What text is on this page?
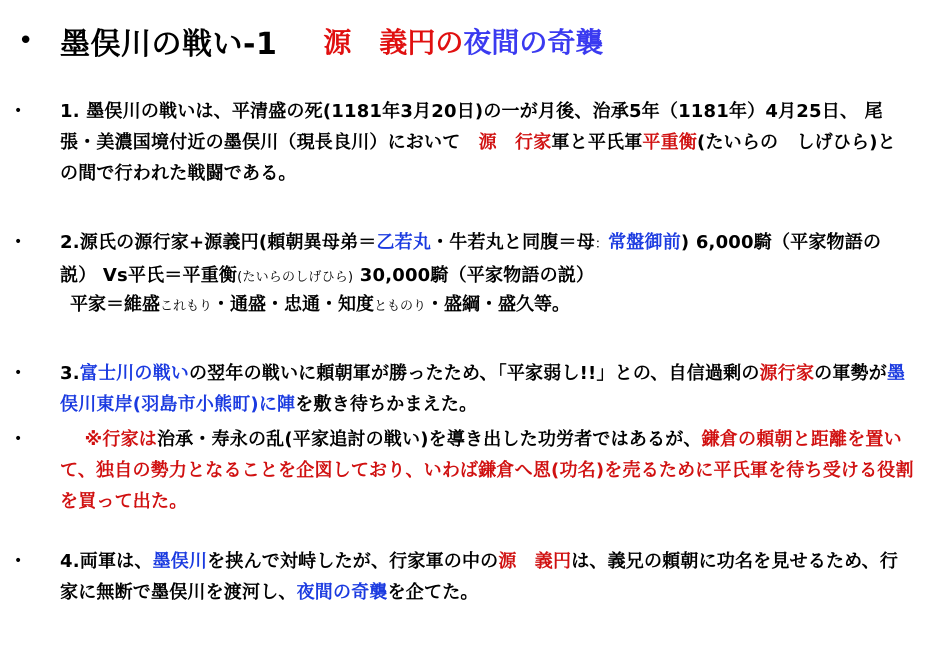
• 墨俣川の戦い-1 源　義円の夜間の奇襲
• 1. 墨俣川の戦いは、平清盛の死(1181年3月20日)の一が月後、治承5年（1181年）4月25日、 尾張・美濃国境付近の墨俣川（現長良川）において　源　行家軍と平氏軍平重衡(たいらの　しげひら)との間で行われた戦闘である。
• 2.源氏の源行家+源義円(頼朝異母弟＝乙若丸・牛若丸と同腹＝母：常盤御前) 6,000騎（平家物語の説） Vs平氏＝平重衡(たいらのしげひら) 30,000騎（平家物語の説）
平家＝維盛これもり・通盛・忠通・知度とものり・盛綱・盛久等。
• 3.富士川の戦いの翌年の戦いに頼朝軍が勝ったため、「平家弱し!!」との、自信過剰の源行家の軍勢が墨俣川東岸(羽島市小熊町)に陣を敷き待ちかまえた。
• 　 ※行家は治承・寿永の乱(平家追討の戦い)を導き出した功労者ではあるが、鎌倉の頼朝と距離を置いて、独自の勢力となることを企図しており、いわば鎌倉へ恩(功名)を売るために平氏軍を待ち受ける役割を買って出た。
• 4.両軍は、墨俣川を挟んで対峙したが、行家軍の中の源　義円は、義兄の頼朝に功名を見せるため、行家に無断で墨俣川を渡河し、夜間の奇襲を企てた。
